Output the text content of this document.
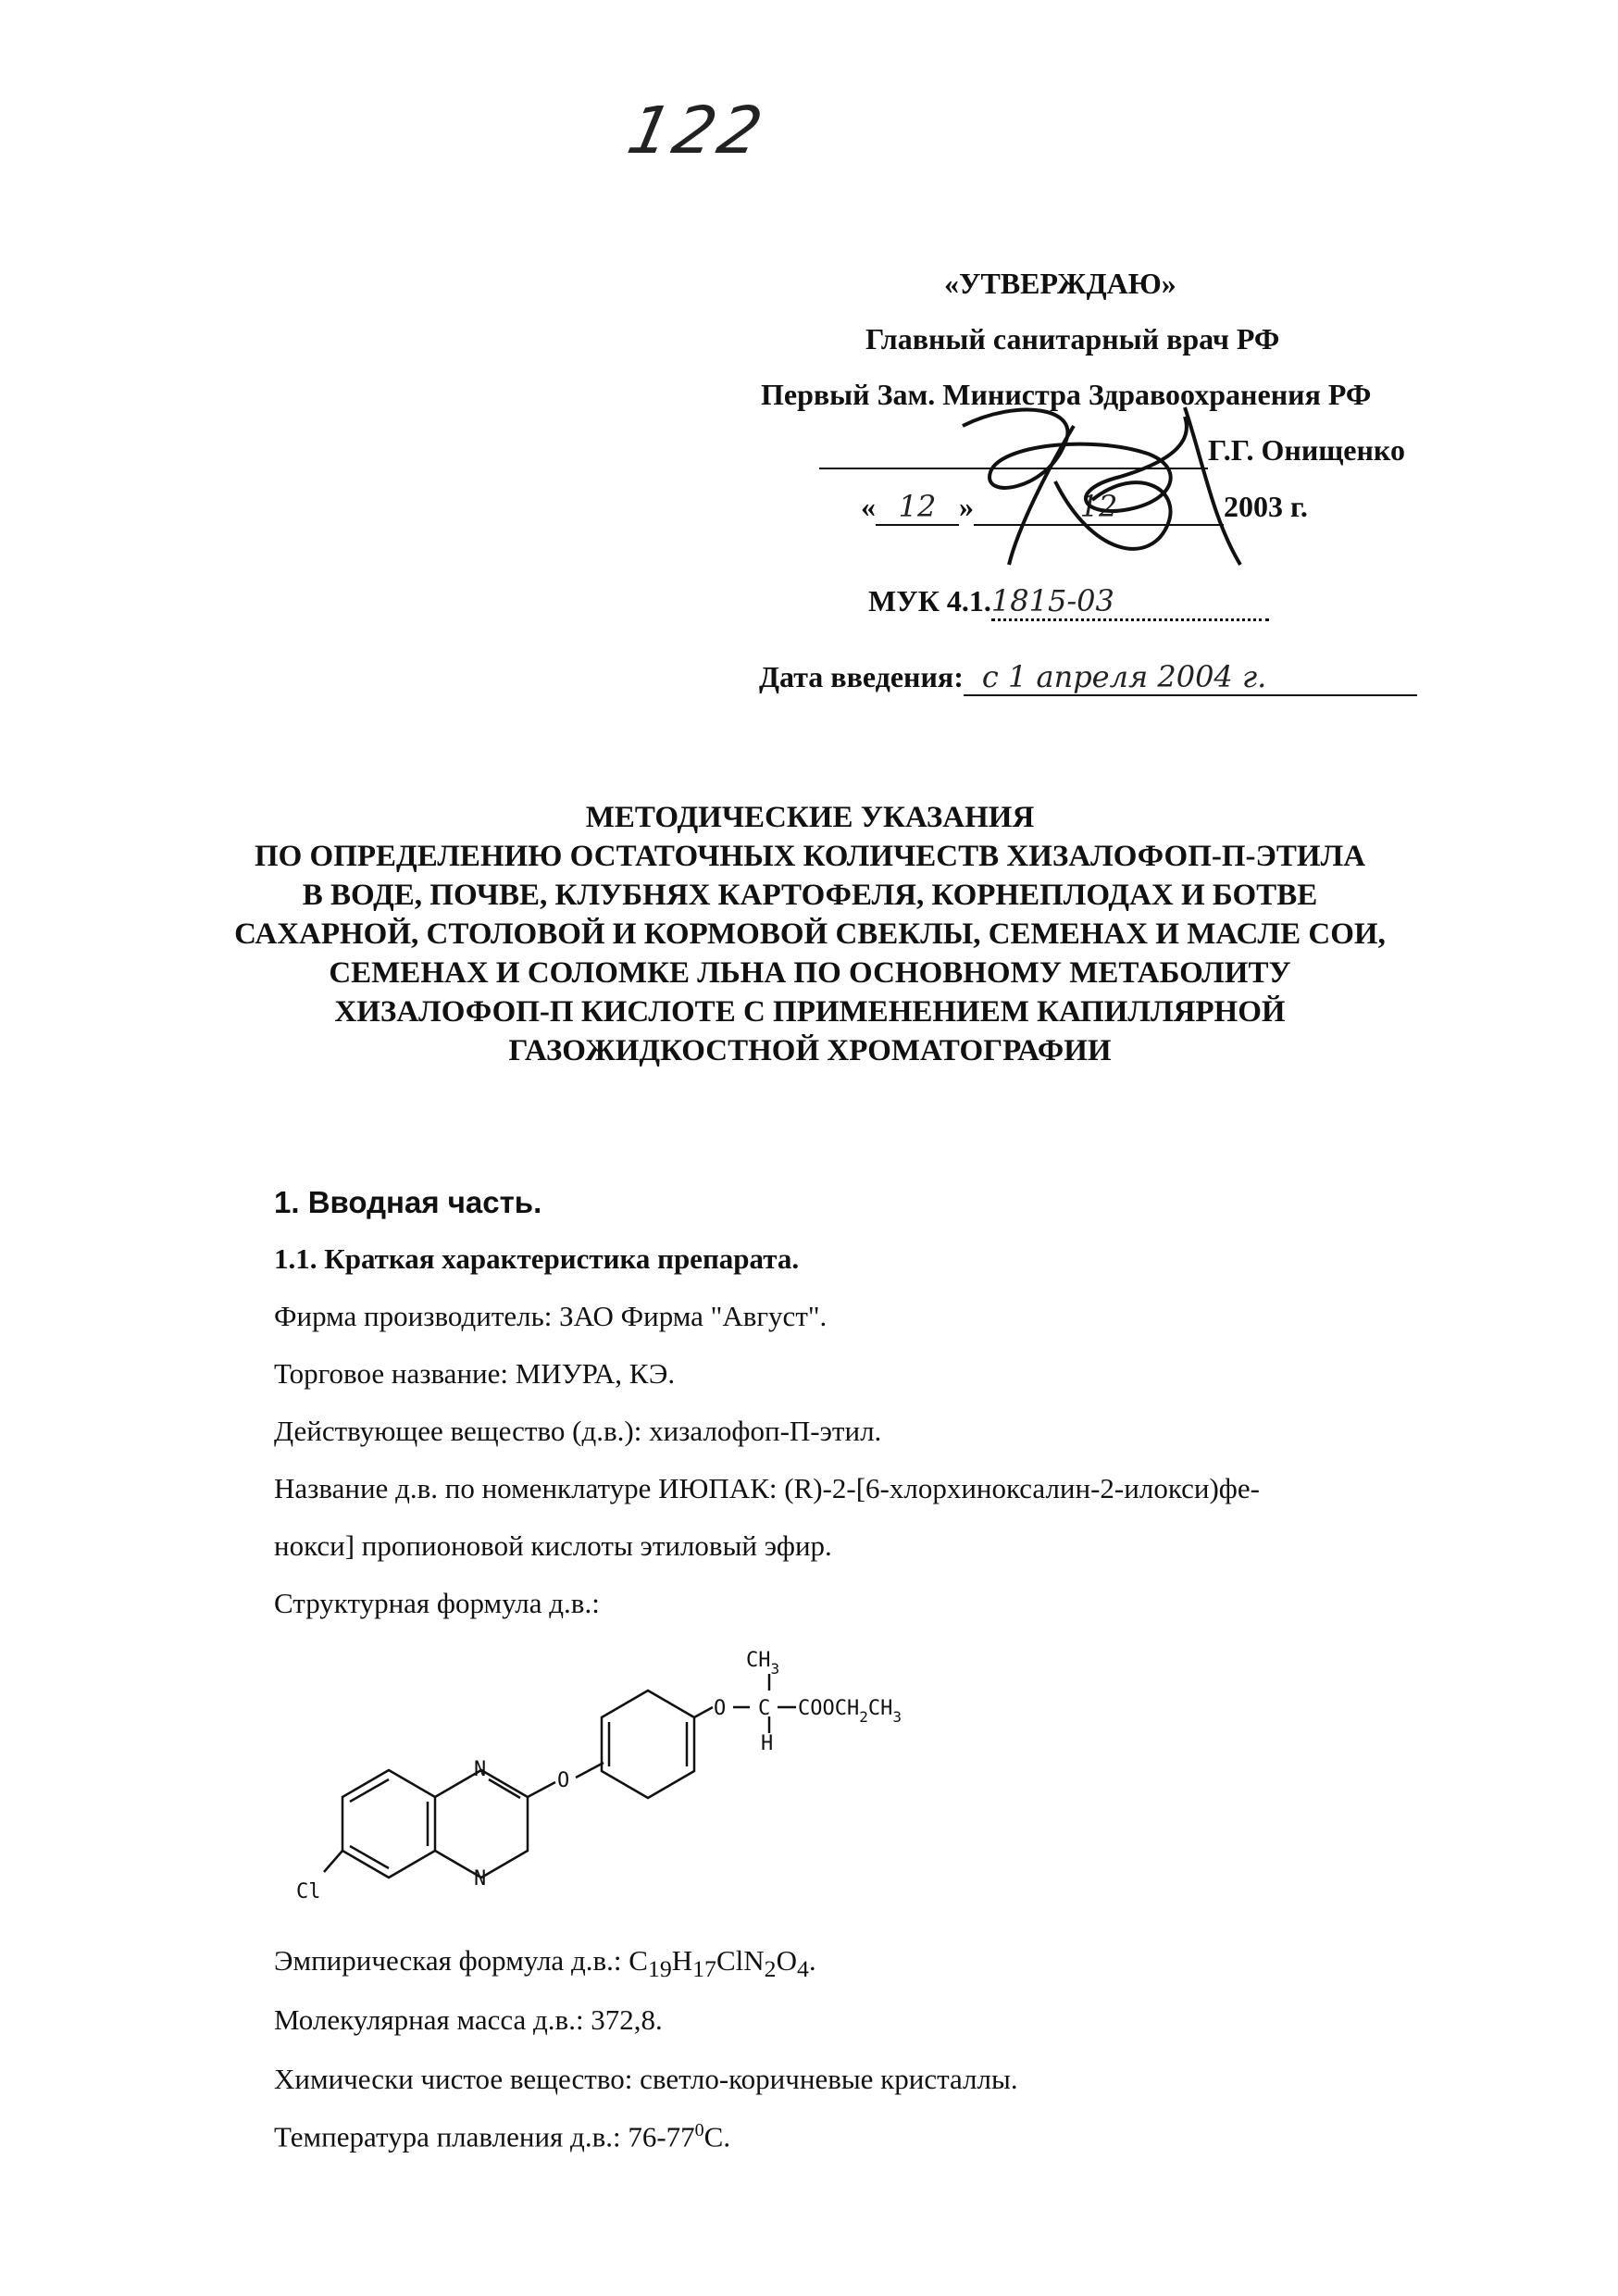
122
«УТВЕРЖДАЮ»
Главный санитарный врач РФ
Первый Зам. Министра Здравоохранения РФ
Г.Г. Онищенко
« 12 »	12	2003 г.
МУК 4.1.1815-03
Дата введения: с 1 апреля 2004 г.
МЕТОДИЧЕСКИЕ УКАЗАНИЯ
ПО ОПРЕДЕЛЕНИЮ ОСТАТОЧНЫХ КОЛИЧЕСТВ ХИЗАЛОФОП-П-ЭТИЛА
В ВОДЕ, ПОЧВЕ, КЛУБНЯХ КАРТОФЕЛЯ, КОРНЕПЛОДАХ И БОТВЕ
САХАРНОЙ, СТОЛОВОЙ И КОРМОВОЙ СВЕКЛЫ, СЕМЕНАХ И МАСЛЕ СОИ,
СЕМЕНАХ И СОЛОМКЕ ЛЬНА ПО ОСНОВНОМУ МЕТАБОЛИТУ
ХИЗАЛОФОП-П КИСЛОТЕ С ПРИМЕНЕНИЕМ КАПИЛЛЯРНОЙ
ГАЗОЖИДКОСТНОЙ ХРОМАТОГРАФИИ
1. Вводная часть.
1.1. Краткая характеристика препарата.
Фирма производитель: ЗАО Фирма "Август".
Торговое название: МИУРА, КЭ.
Действующее вещество (д.в.): хизалофоп-П-этил.
Название д.в. по номенклатуре ИЮПАК: (R)-2-[6-хлорхиноксалин-2-илокси)фе-
нокси] пропионовой кислоты этиловый эфир.
Структурная формула д.в.:
$CH_3$
O C $COOCH_2CH_3$
H
O
N
N
Cl
Эмпирическая формула д.в.: $C_{19}H_{17}ClN_2O_4$.
Молекулярная масса д.в.: 372,8.
Химически чистое вещество: светло-коричневые кристаллы.
Температура плавления д.в.: $76-77^0С$.
